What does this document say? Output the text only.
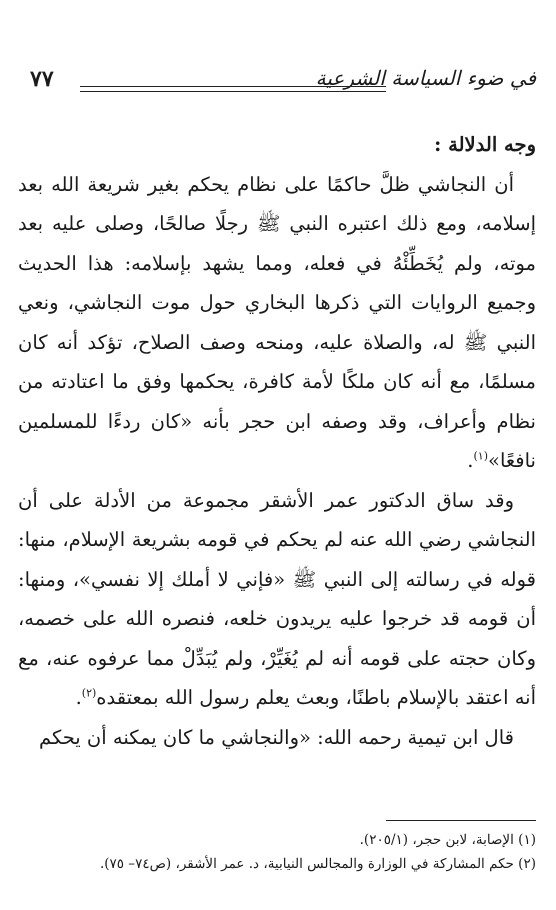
في ضوء السياسة الشرعية
٧٧
وجه الدلالة :

أن النجاشي ظلَّ حاكمًا على نظام يحكم بغير شريعة الله بعد إسلامه، ومع ذلك اعتبره النبي ﷺ رجلًا صالحًا، وصلى عليه بعد موته، ولم يُخَطِّئْهُ في فعله، ومما يشهد بإسلامه: هذا الحديث وجميع الروايات التي ذكرها البخاري حول موت النجاشي، ونعي النبي ﷺ له، والصلاة عليه، ومنحه وصف الصلاح، تؤكد أنه كان مسلمًا، مع أنه كان ملكًا لأمة كافرة، يحكمها وفق ما اعتادته من نظام وأعراف، وقد وصفه ابن حجر بأنه «كان ردءًا للمسلمين نافعًا»$^{(١)}$.

وقد ساق الدكتور عمر الأشقر مجموعة من الأدلة على أن النجاشي رضي الله عنه لم يحكم في قومه بشريعة الإسلام، منها: قوله في رسالته إلى النبي ﷺ «فإني لا أملك إلا نفسي»، ومنها: أن قومه قد خرجوا عليه يريدون خلعه، فنصره الله على خصمه، وكان حجته على قومه أنه لم يُغَيِّرْ، ولم يُبَدِّلْ مما عرفوه عنه، مع أنه اعتقد بالإسلام باطنًا، وبعث يعلم رسول الله بمعتقده$^{(٢)}$.

قال ابن تيمية رحمه الله: «والنجاشي ما كان يمكنه أن يحكم

(١) الإصابة، لابن حجر، (٢٠٥/١).

(٢) حكم المشاركة في الوزارة والمجالس النيابية، د. عمر الأشقر، (ص٧٤– ٧٥).
